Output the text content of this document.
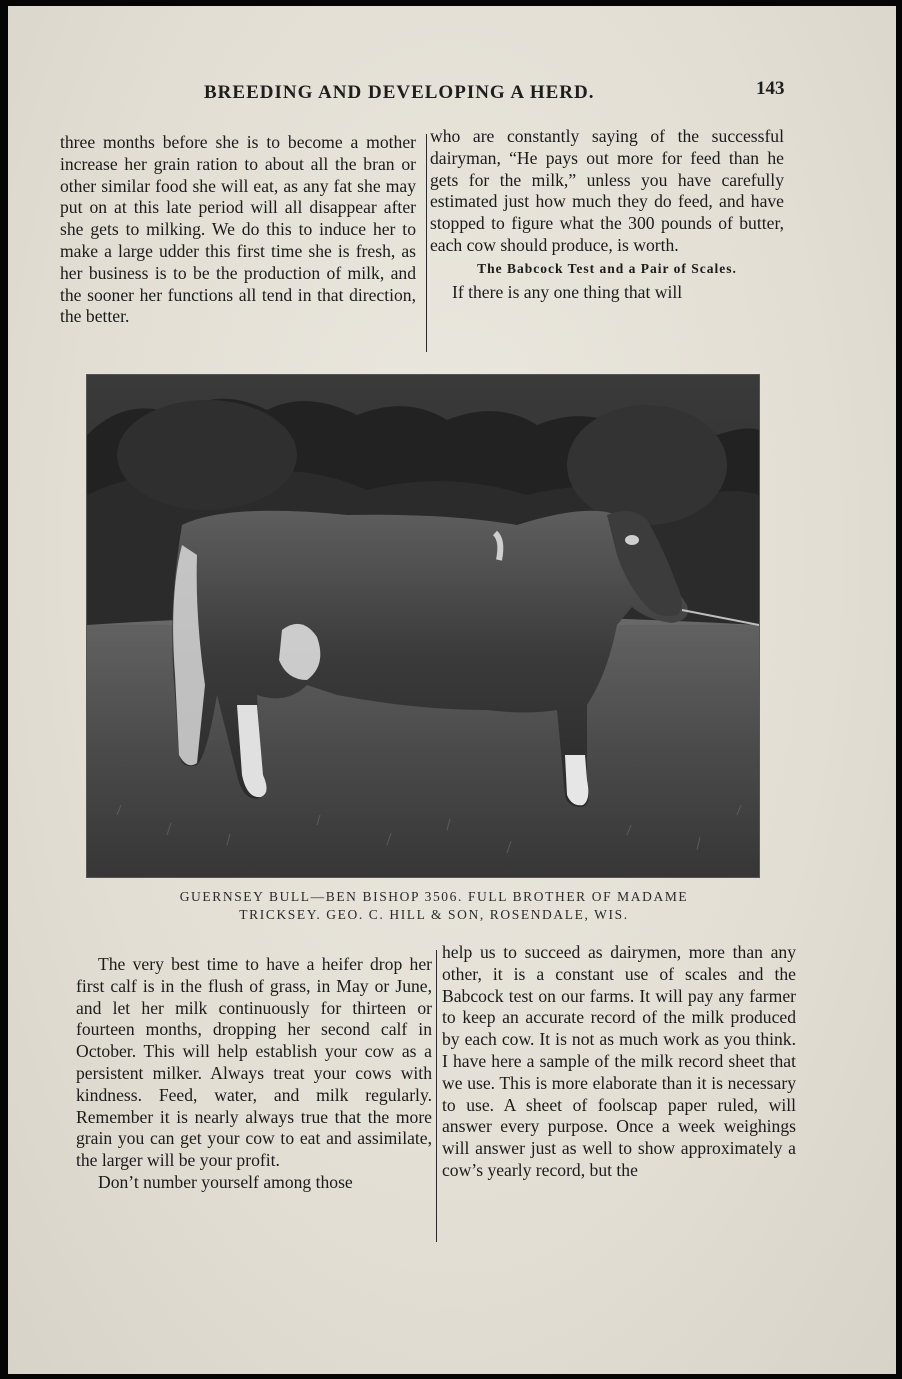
BREEDING AND DEVELOPING A HERD.	143

three months before she is to become a mother increase her grain ration to about all the bran or other similar food she will eat, as any fat she may put on at this late period will all disappear after she gets to milking. We do this to induce her to make a large udder this first time she is fresh, as her business is to be the production of milk, and the sooner her functions all tend in that direction, the better.

who are constantly saying of the successful dairyman, “He pays out more for feed than he gets for the milk,” unless you have carefully estimated just how much they do feed, and have stopped to figure what the 300 pounds of butter, each cow should produce, is worth.

The Babcock Test and a Pair of Scales.

If there is any one thing that will

GUERNSEY BULL—BEN BISHOP 3506. FULL BROTHER OF MADAME
TRICKSEY. GEO. C. HILL & SON, ROSENDALE, WIS.

The very best time to have a heifer drop her first calf is in the flush of grass, in May or June, and let her milk continuously for thirteen or fourteen months, dropping her second calf in October. This will help establish your cow as a persistent milker. Always treat your cows with kindness. Feed, water, and milk regularly. Remember it is nearly always true that the more grain you can get your cow to eat and assimilate, the larger will be your profit.

Don’t number yourself among those

help us to succeed as dairymen, more than any other, it is a constant use of scales and the Babcock test on our farms. It will pay any farmer to keep an accurate record of the milk produced by each cow. It is not as much work as you think. I have here a sample of the milk record sheet that we use. This is more elaborate than it is necessary to use. A sheet of foolscap paper ruled, will answer every purpose. Once a week weighings will answer just as well to show approximately a cow’s yearly record, but the
